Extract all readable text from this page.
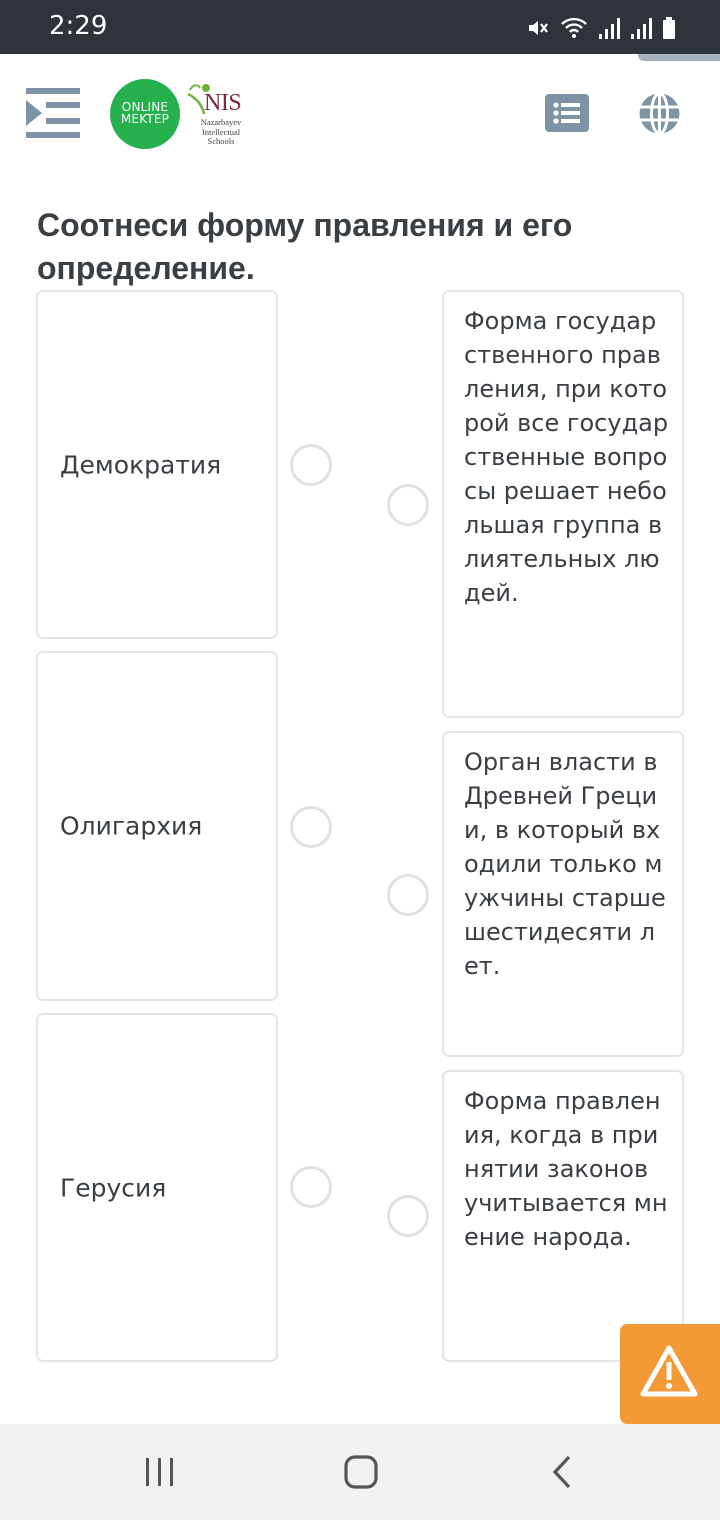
2:29
ONLINE
MEKTEP
NIS
Nazarbayev Intellectual Schools
Соотнеси форму правления и его определение.
Демократия
Олигархия
Герусия
Форма государственного правления, при которой все государственные вопросы решает небольшая группа влиятельных людей.
Орган власти в Древней Греции, в который входили только мужчины старше шестидесяти лет.
Форма правления, когда в принятии законов учитывается мнение народа.
